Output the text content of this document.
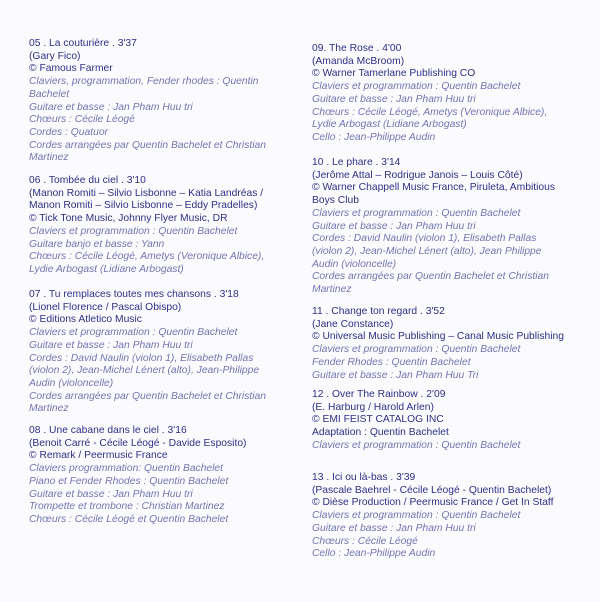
05 . La couturière . 3'37
(Gary Fico)
© Famous Farmer
Claviers, programmation, Fender rhodes : Quentin
Bachelet
Guitare et basse : Jan Pham Huu tri
Chœurs : Cécile Léogé
Cordes : Quatuor
Cordes arrangées par Quentin Bachelet et Christian
Martinez
06 . Tombée du ciel . 3'10
(Manon Romiti – Silvio Lisbonne – Katia Landréas /
Manon Romiti – Silvio Lisbonne – Eddy Pradelles)
© Tick Tone Music, Johnny Flyer Music, DR
Claviers et programmation : Quentin Bachelet
Guitare banjo et basse : Yann
Chœurs : Cécile Léogé, Ametys (Veronique Albice),
Lydie Arbogast (Lidiane Arbogast)
07 . Tu remplaces toutes mes chansons . 3'18
(Lionel Florence / Pascal Obispo)
© Editions Atletico Music
Claviers et programmation : Quentin Bachelet
Guitare et basse : Jan Pham Huu tri
Cordes : David Naulin (violon 1), Elisabeth Pallas
(violon 2), Jean-Michel Lénert (alto), Jean-Philippe
Audin (violoncelle)
Cordes arrangées par Quentin Bachelet et Christian
Martinez
08 . Une cabane dans le ciel . 3'16
(Benoit Carré - Cécile Léogé - Davide Esposito)
© Remark / Peermusic France
Claviers programmation: Quentin Bachelet
Piano et Fender Rhodes : Quentin Bachelet
Guitare et basse : Jan Pham Huu tri
Trompette et trombone : Christian Martinez
Chœurs : Cécile Léogé et Quentin Bachelet
09. The Rose . 4'00
(Amanda McBroom)
© Warner Tamerlane Publishing CO
Claviers et programmation : Quentin Bachelet
Guitare et basse : Jan Pham Huu tri
Chœurs : Cécile Léogé, Ametys (Veronique Albice),
Lydie Arbogast (Lidiane Arbogast)
Cello : Jean-Philippe Audin
10 . Le phare . 3'14
(Jerôme Attal – Rodrigue Janois – Louis Côté)
© Warner Chappell Music France, Piruleta, Ambitious
Boys Club
Claviers et programmation : Quentin Bachelet
Guitare et basse : Jan Pham Huu tri
Cordes : David Naulin (violon 1), Elisabeth Pallas
(violon 2), Jean-Michel Lénert (alto), Jean Philippe
Audin (violoncelle)
Cordes arrangées par Quentin Bachelet et Christian
Martinez
11 . Change ton regard . 3'52
(Jane Constance)
© Universal Music Publishing – Canal Music Publishing
Claviers et programmation : Quentin Bachelet
Fender Rhodes : Quentin Bachelet
Guitare et basse : Jan Pham Huu Tri
12 . Over The Rainbow . 2'09
(E. Harburg / Harold Arlen)
© EMI FEIST CATALOG INC
Adaptation : Quentin Bachelet
Claviers et programmation : Quentin Bachelet
13 . Ici ou là-bas . 3'39
(Pascale Baehrel - Cécile Léogé - Quentin Bachelet)
© Dièse Production / Peermusic France / Get In Staff
Claviers et programmation : Quentin Bachelet
Guitare et basse : Jan Pham Huu tri
Chœurs : Cécile Léogé
Cello : Jean-Philippe Audin
